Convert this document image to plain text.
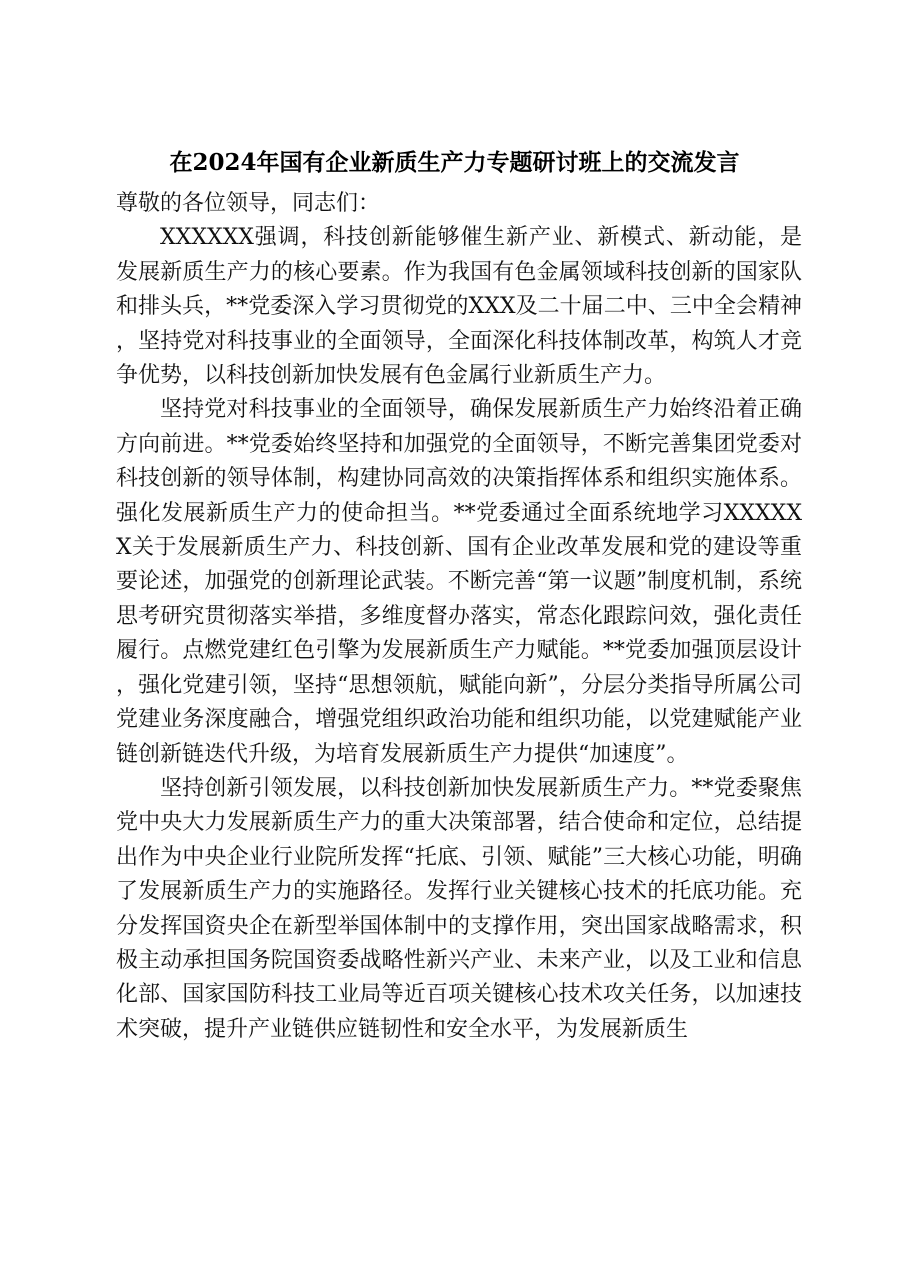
在2024年国有企业新质生产力专题研讨班上的交流发言

尊敬的各位领导，同志们：

XXXXXX强调，科技创新能够催生新产业、新模式、新动能，是发展新质生产力的核心要素。作为我国有色金属领域科技创新的国家队和排头兵，**党委深入学习贯彻党的XXX及二十届二中、三中全会精神，坚持党对科技事业的全面领导，全面深化科技体制改革，构筑人才竞争优势，以科技创新加快发展有色金属行业新质生产力。

坚持党对科技事业的全面领导，确保发展新质生产力始终沿着正确方向前进。**党委始终坚持和加强党的全面领导，不断完善集团党委对科技创新的领导体制，构建协同高效的决策指挥体系和组织实施体系。强化发展新质生产力的使命担当。**党委通过全面系统地学习XXXXXX关于发展新质生产力、科技创新、国有企业改革发展和党的建设等重要论述，加强党的创新理论武装。不断完善“第一议题”制度机制，系统思考研究贯彻落实举措，多维度督办落实，常态化跟踪问效，强化责任履行。点燃党建红色引擎为发展新质生产力赋能。**党委加强顶层设计，强化党建引领，坚持“思想领航，赋能向新”，分层分类指导所属公司党建业务深度融合，增强党组织政治功能和组织功能，以党建赋能产业链创新链迭代升级，为培育发展新质生产力提供“加速度”。

坚持创新引领发展，以科技创新加快发展新质生产力。**党委聚焦党中央大力发展新质生产力的重大决策部署，结合使命和定位，总结提出作为中央企业行业院所发挥“托底、引领、赋能”三大核心功能，明确了发展新质生产力的实施路径。发挥行业关键核心技术的托底功能。充分发挥国资央企在新型举国体制中的支撑作用，突出国家战略需求，积极主动承担国务院国资委战略性新兴产业、未来产业，以及工业和信息化部、国家国防科技工业局等近百项关键核心技术攻关任务，以加速技术突破，提升产业链供应链韧性和安全水平，为发展新质生
